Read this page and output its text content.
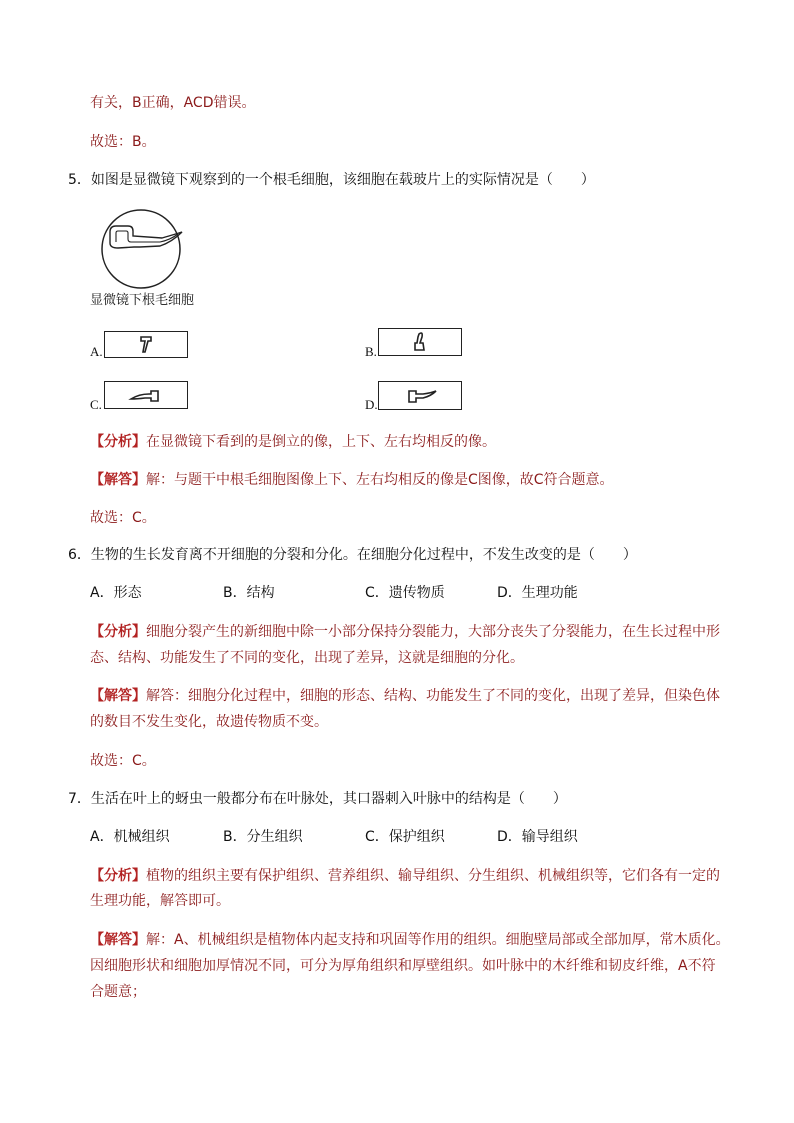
有关，B正确，ACD错误。
故选：B。
5．如图是显微镜下观察到的一个根毛细胞，该细胞在载玻片上的实际情况是（　　）
显微镜下根毛细胞
A.	B.
C.	D.
【分析】在显微镜下看到的是倒立的像，上下、左右均相反的像。
【解答】解：与题干中根毛细胞图像上下、左右均相反的像是C图像，故C符合题意。
故选：C。
6．生物的生长发育离不开细胞的分裂和分化。在细胞分化过程中，不发生改变的是（　　）
A．形态	B．结构	C．遗传物质	D．生理功能
【分析】细胞分裂产生的新细胞中除一小部分保持分裂能力，大部分丧失了分裂能力，在生长过程中形
态、结构、功能发生了不同的变化，出现了差异，这就是细胞的分化。
【解答】解答：细胞分化过程中，细胞的形态、结构、功能发生了不同的变化，出现了差异，但染色体
的数目不发生变化，故遗传物质不变。
故选：C。
7．生活在叶上的蚜虫一般都分布在叶脉处，其口器刺入叶脉中的结构是（　　）
A．机械组织	B．分生组织	C．保护组织	D．输导组织
【分析】植物的组织主要有保护组织、营养组织、输导组织、分生组织、机械组织等，它们各有一定的
生理功能，解答即可。
【解答】解：A、机械组织是植物体内起支持和巩固等作用的组织。细胞壁局部或全部加厚，常木质化。
因细胞形状和细胞加厚情况不同，可分为厚角组织和厚壁组织。如叶脉中的木纤维和韧皮纤维，A不符
合题意；
